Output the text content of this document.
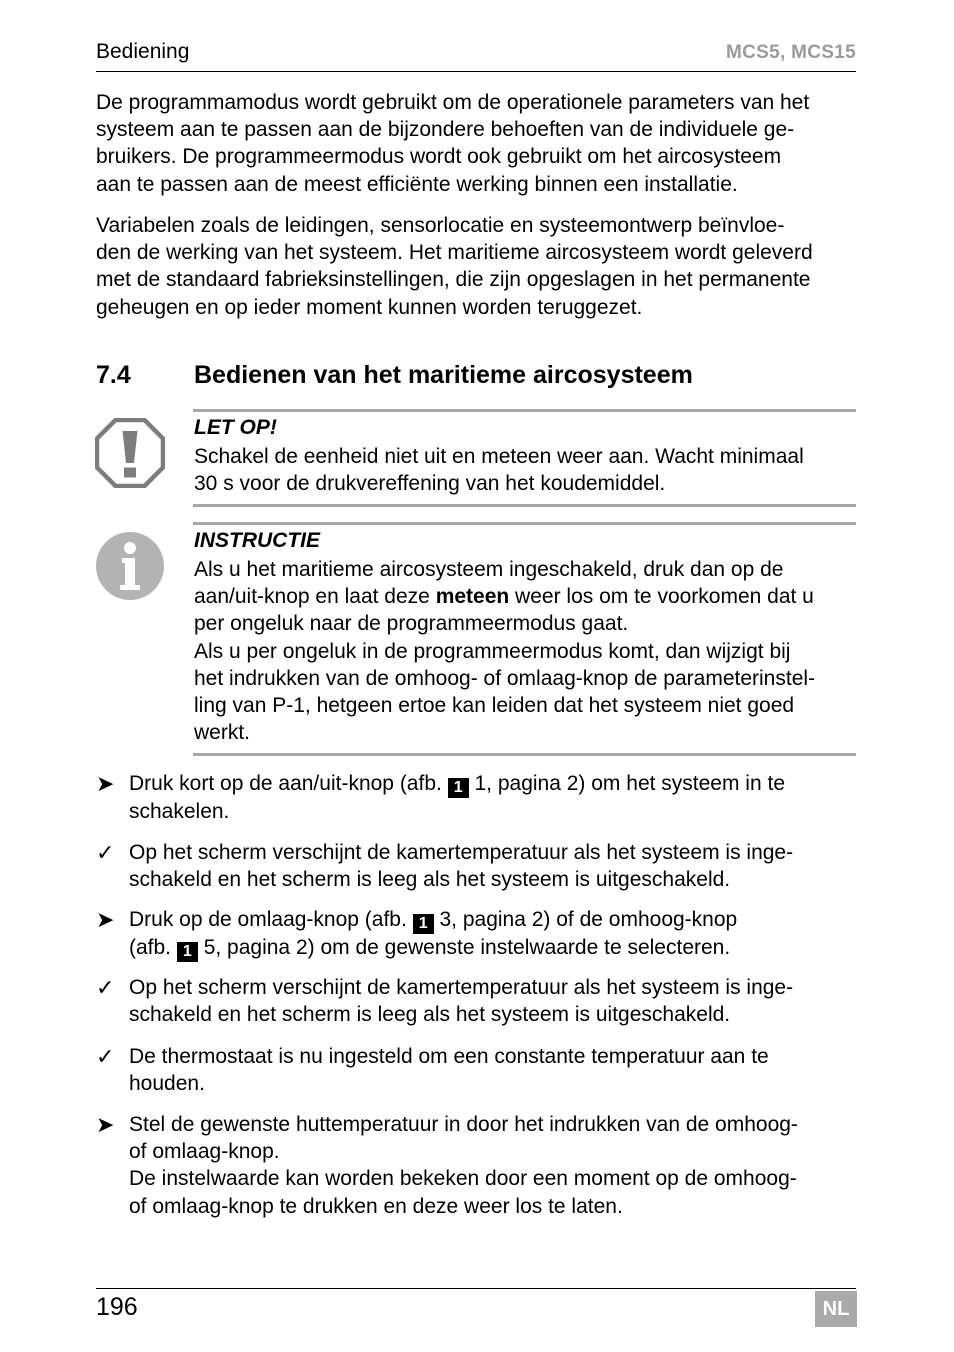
Bediening	MCS5, MCS15
De programmamodus wordt gebruikt om de operationele parameters van het
systeem aan te passen aan de bijzondere behoeften van de individuele ge-
bruikers. De programmeermodus wordt ook gebruikt om het aircosysteem
aan te passen aan de meest efficiënte werking binnen een installatie.
Variabelen zoals de leidingen, sensorlocatie en systeemontwerp beïnvloe-
den de werking van het systeem. Het maritieme aircosysteem wordt geleverd
met de standaard fabrieksinstellingen, die zijn opgeslagen in het permanente
geheugen en op ieder moment kunnen worden teruggezet.
7.4	Bedienen van het maritieme aircosysteem
LET OP!
Schakel de eenheid niet uit en meteen weer aan. Wacht minimaal
30 s voor de drukvereffening van het koudemiddel.
INSTRUCTIE
Als u het maritieme aircosysteem ingeschakeld, druk dan op de
aan/uit-knop en laat deze meteen weer los om te voorkomen dat u
per ongeluk naar de programmeermodus gaat.
Als u per ongeluk in de programmeermodus komt, dan wijzigt bij
het indrukken van de omhoog- of omlaag-knop de parameterinstel-
ling van P-1, hetgeen ertoe kan leiden dat het systeem niet goed
werkt.
➤ Druk kort op de aan/uit-knop (afb. 1 1, pagina 2) om het systeem in te
schakelen.
✓ Op het scherm verschijnt de kamertemperatuur als het systeem is inge-
schakeld en het scherm is leeg als het systeem is uitgeschakeld.
➤ Druk op de omlaag-knop (afb. 1 3, pagina 2) of de omhoog-knop
(afb. 1 5, pagina 2) om de gewenste instelwaarde te selecteren.
✓ Op het scherm verschijnt de kamertemperatuur als het systeem is inge-
schakeld en het scherm is leeg als het systeem is uitgeschakeld.
✓ De thermostaat is nu ingesteld om een constante temperatuur aan te
houden.
➤ Stel de gewenste huttemperatuur in door het indrukken van de omhoog-
of omlaag-knop.
De instelwaarde kan worden bekeken door een moment op de omhoog-
of omlaag-knop te drukken en deze weer los te laten.
196	NL
